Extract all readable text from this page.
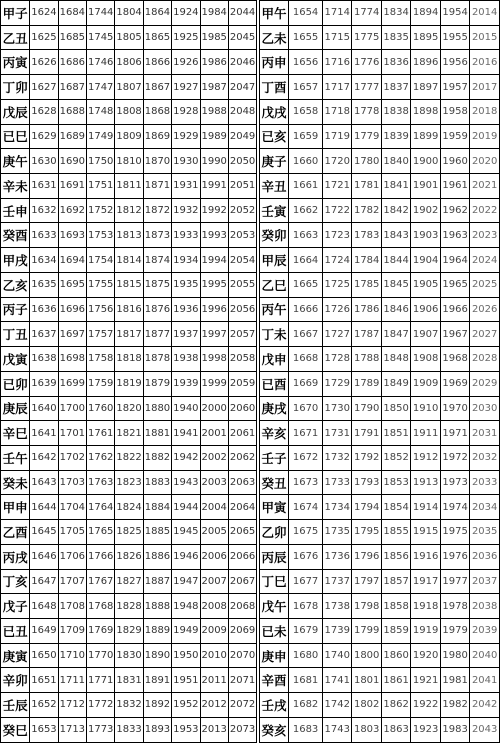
甲子	1624	1684	1744	1804	1864	1924	1984	2044		甲午	1654	1714	1774	1834	1894	1954	2014
乙丑	1625	1685	1745	1805	1865	1925	1985	2045		乙未	1655	1715	1775	1835	1895	1955	2015
丙寅	1626	1686	1746	1806	1866	1926	1986	2046		丙申	1656	1716	1776	1836	1896	1956	2016
丁卯	1627	1687	1747	1807	1867	1927	1987	2047		丁酉	1657	1717	1777	1837	1897	1957	2017
戊辰	1628	1688	1748	1808	1868	1928	1988	2048		戊戌	1658	1718	1778	1838	1898	1958	2018
已巳	1629	1689	1749	1809	1869	1929	1989	2049		已亥	1659	1719	1779	1839	1899	1959	2019
庚午	1630	1690	1750	1810	1870	1930	1990	2050		庚子	1660	1720	1780	1840	1900	1960	2020
辛未	1631	1691	1751	1811	1871	1931	1991	2051		辛丑	1661	1721	1781	1841	1901	1961	2021
壬申	1632	1692	1752	1812	1872	1932	1992	2052		壬寅	1662	1722	1782	1842	1902	1962	2022
癸酉	1633	1693	1753	1813	1873	1933	1993	2053		癸卯	1663	1723	1783	1843	1903	1963	2023
甲戌	1634	1694	1754	1814	1874	1934	1994	2054		甲辰	1664	1724	1784	1844	1904	1964	2024
乙亥	1635	1695	1755	1815	1875	1935	1995	2055		乙巳	1665	1725	1785	1845	1905	1965	2025
丙子	1636	1696	1756	1816	1876	1936	1996	2056		丙午	1666	1726	1786	1846	1906	1966	2026
丁丑	1637	1697	1757	1817	1877	1937	1997	2057		丁未	1667	1727	1787	1847	1907	1967	2027
戊寅	1638	1698	1758	1818	1878	1938	1998	2058		戊申	1668	1728	1788	1848	1908	1968	2028
已卯	1639	1699	1759	1819	1879	1939	1999	2059		已酉	1669	1729	1789	1849	1909	1969	2029
庚辰	1640	1700	1760	1820	1880	1940	2000	2060		庚戌	1670	1730	1790	1850	1910	1970	2030
辛巳	1641	1701	1761	1821	1881	1941	2001	2061		辛亥	1671	1731	1791	1851	1911	1971	2031
壬午	1642	1702	1762	1822	1882	1942	2002	2062		壬子	1672	1732	1792	1852	1912	1972	2032
癸未	1643	1703	1763	1823	1883	1943	2003	2063		癸丑	1673	1733	1793	1853	1913	1973	2033
甲申	1644	1704	1764	1824	1884	1944	2004	2064		甲寅	1674	1734	1794	1854	1914	1974	2034
乙酉	1645	1705	1765	1825	1885	1945	2005	2065		乙卯	1675	1735	1795	1855	1915	1975	2035
丙戌	1646	1706	1766	1826	1886	1946	2006	2066		丙辰	1676	1736	1796	1856	1916	1976	2036
丁亥	1647	1707	1767	1827	1887	1947	2007	2067		丁巳	1677	1737	1797	1857	1917	1977	2037
戊子	1648	1708	1768	1828	1888	1948	2008	2068		戊午	1678	1738	1798	1858	1918	1978	2038
已丑	1649	1709	1769	1829	1889	1949	2009	2069		已未	1679	1739	1799	1859	1919	1979	2039
庚寅	1650	1710	1770	1830	1890	1950	2010	2070		庚申	1680	1740	1800	1860	1920	1980	2040
辛卯	1651	1711	1771	1831	1891	1951	2011	2071		辛酉	1681	1741	1801	1861	1921	1981	2041
壬辰	1652	1712	1772	1832	1892	1952	2012	2072		壬戌	1682	1742	1802	1862	1922	1982	2042
癸巳	1653	1713	1773	1833	1893	1953	2013	2073		癸亥	1683	1743	1803	1863	1923	1983	2043
